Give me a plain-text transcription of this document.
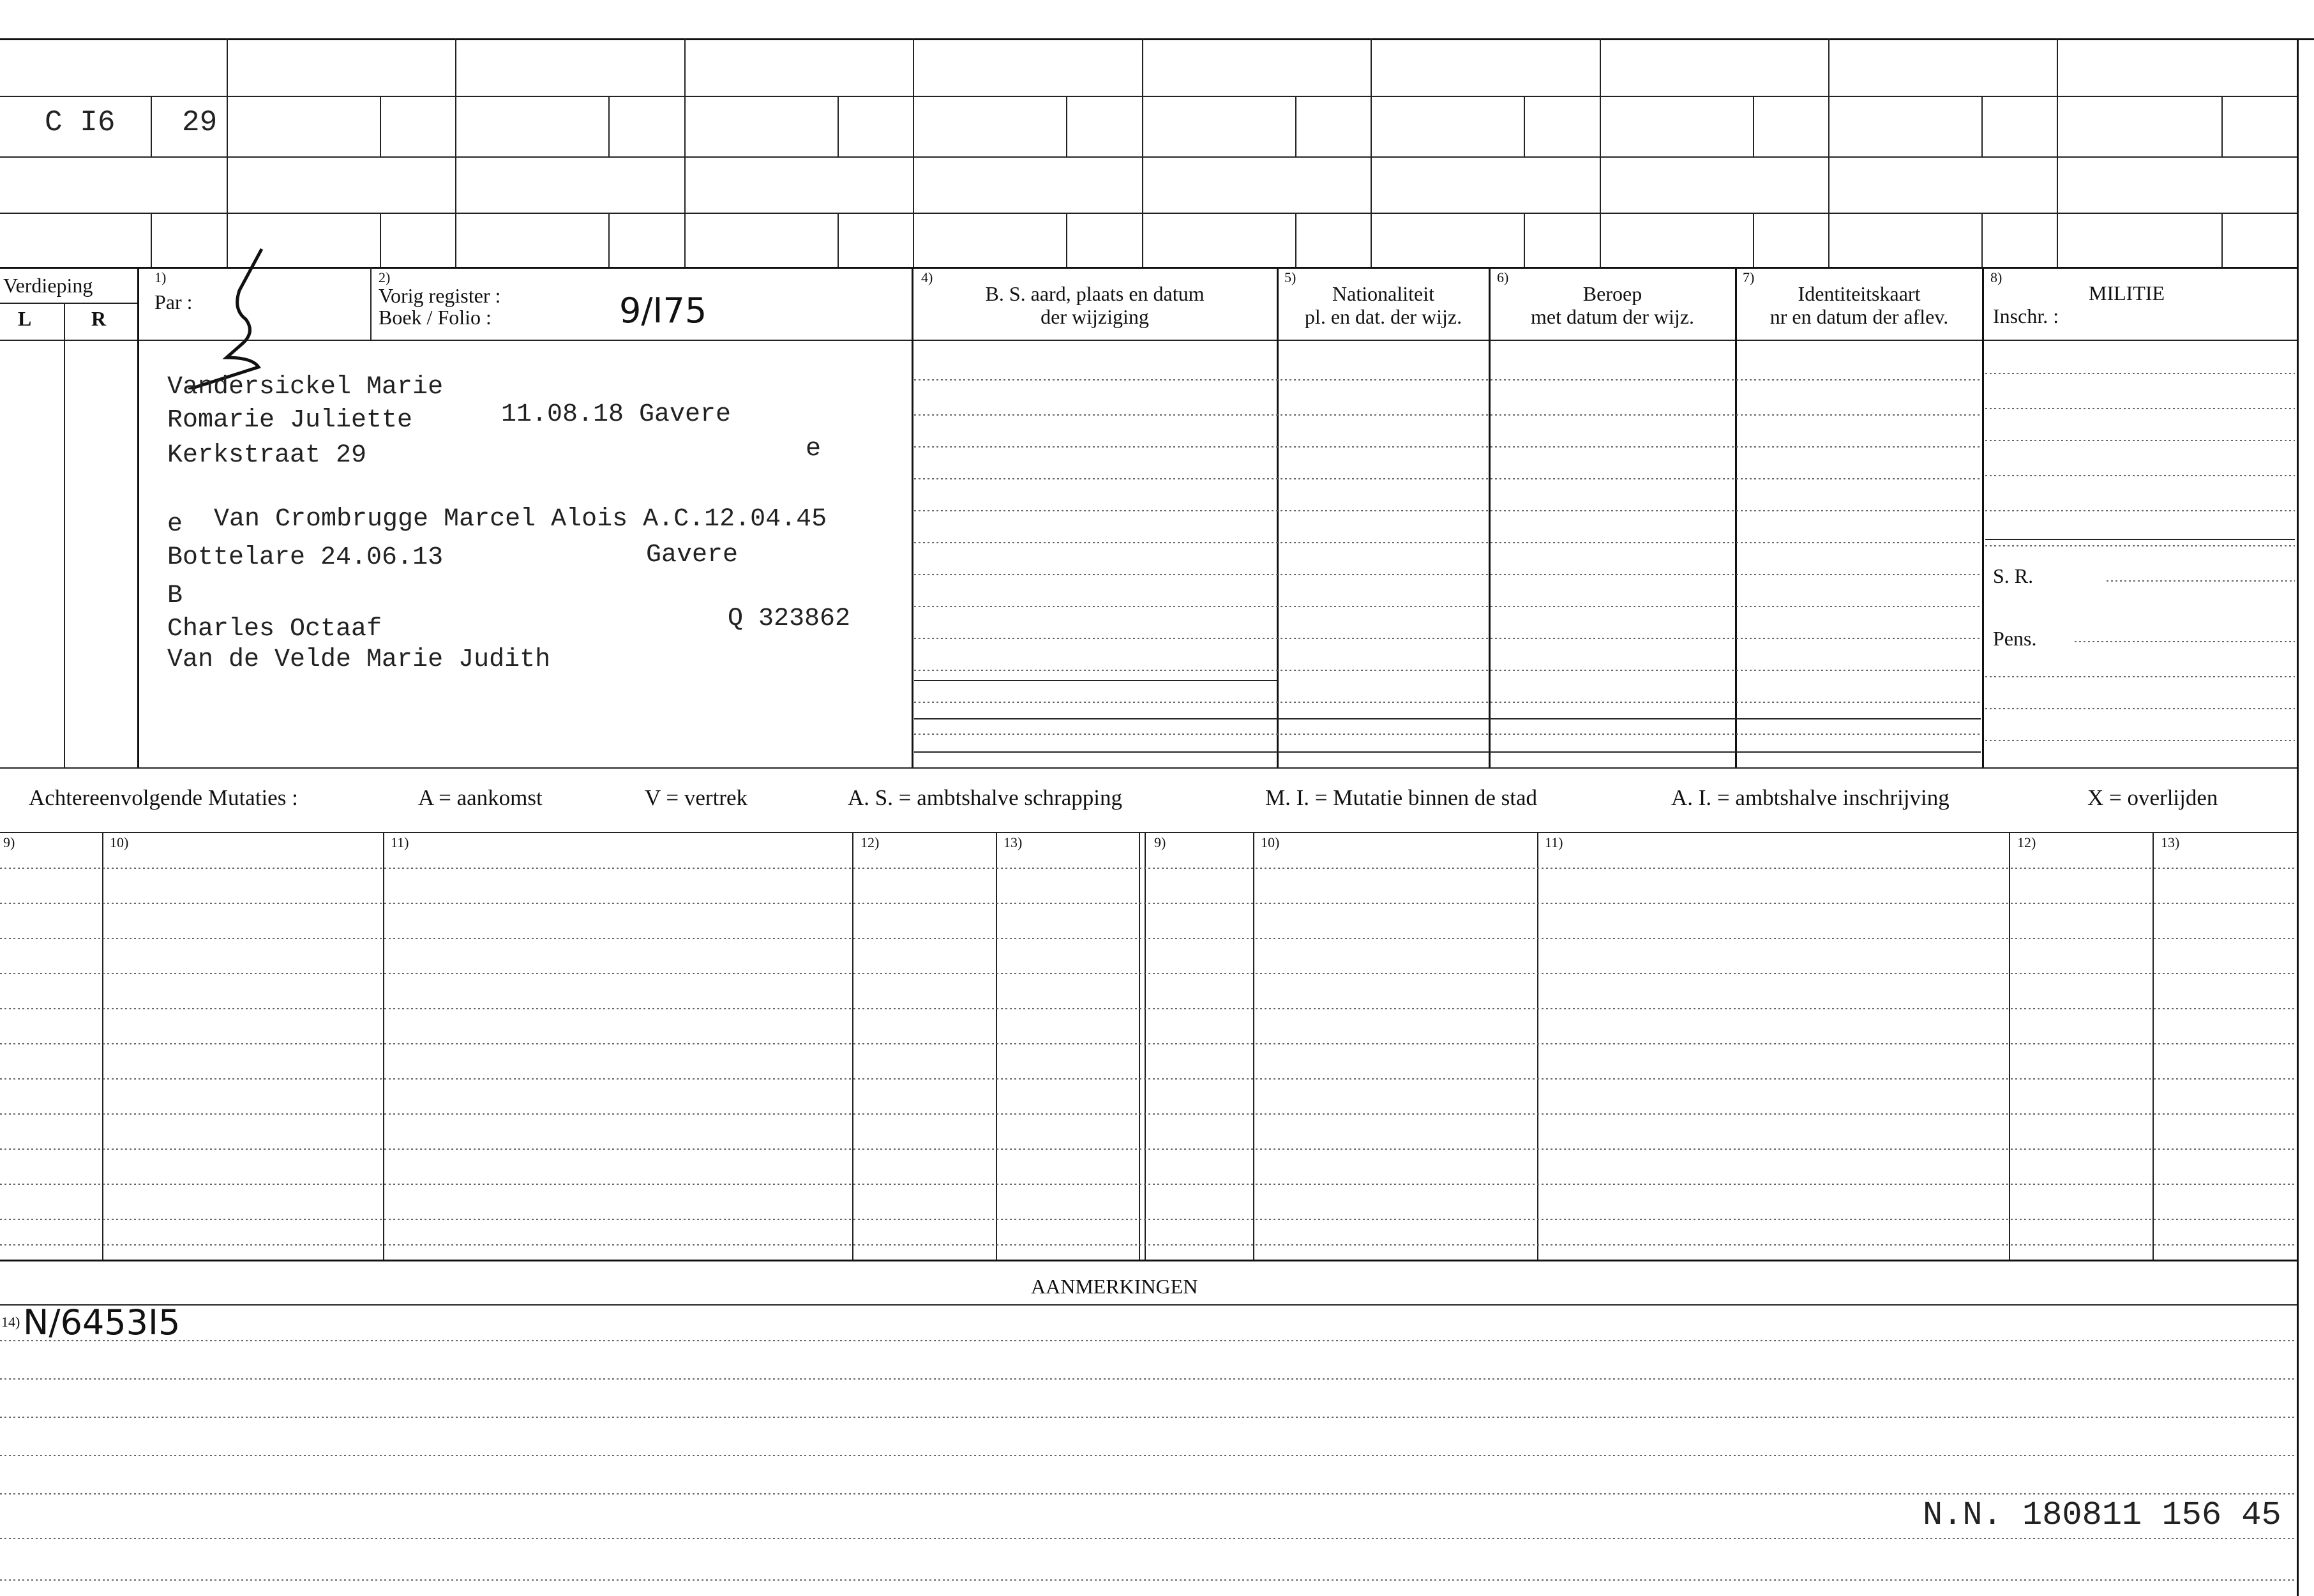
C I6 29
Verdieping
L	R
1)
Par :
2)
Vorig register :
Boek / Folio :	9/I75
4)
B. S. aard, plaats en datum
der wijziging
5)
Nationaliteit
pl. en dat. der wijz.
6)
Beroep
met datum der wijz.
7)
Identiteitskaart
nr en datum der aflev.
8)
MILITIE
Inschr. :
S. R.
Pens.
Vandersickel Marie
Romarie Juliette	11.08.18 Gavere
Kerkstraat 29	e
e Van Crombrugge Marcel Alois A.C.12.04.45
Bottelare 24.06.13	Gavere
B
Charles Octaaf	Q 323862
Van de Velde Marie Judith
Achtereenvolgende Mutaties :	A = aankomst	V = vertrek	A. S. = ambtshalve schrapping	M. I. = Mutatie binnen de stad	A. I. = ambtshalve inschrijving	X = overlijden
9)	10)	11)	12)	13)	9)	10)	11)	12)	13)
AANMERKINGEN
14) N/6453I5
N.N. 180811 156 45
